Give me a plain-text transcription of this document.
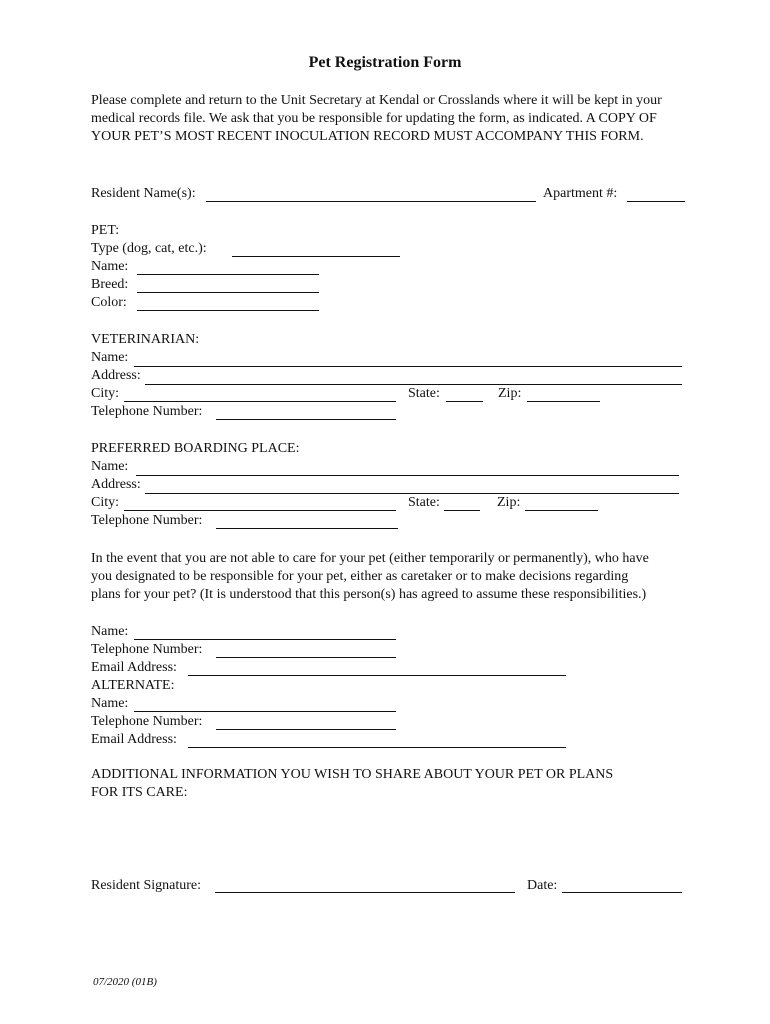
Pet Registration Form
Please complete and return to the Unit Secretary at Kendal or Crosslands where it will be kept in your medical records file. We ask that you be responsible for updating the form, as indicated. A COPY OF YOUR PET’S MOST RECENT INOCULATION RECORD MUST ACCOMPANY THIS FORM.
Resident Name(s):	Apartment #:
PET:
Type (dog, cat, etc.):
Name:
Breed:
Color:
VETERINARIAN:
Name:
Address:
City:	State:	Zip:
Telephone Number:
PREFERRED BOARDING PLACE:
Name:
Address:
City:	State:	Zip:
Telephone Number:
In the event that you are not able to care for your pet (either temporarily or permanently), who have you designated to be responsible for your pet, either as caretaker or to make decisions regarding plans for your pet? (It is understood that this person(s) has agreed to assume these responsibilities.)
Name:
Telephone Number:
Email Address:
ALTERNATE:
Name:
Telephone Number:
Email Address:
ADDITIONAL INFORMATION YOU WISH TO SHARE ABOUT YOUR PET OR PLANS FOR ITS CARE:
Resident Signature:	Date:
07/2020 (01B)
